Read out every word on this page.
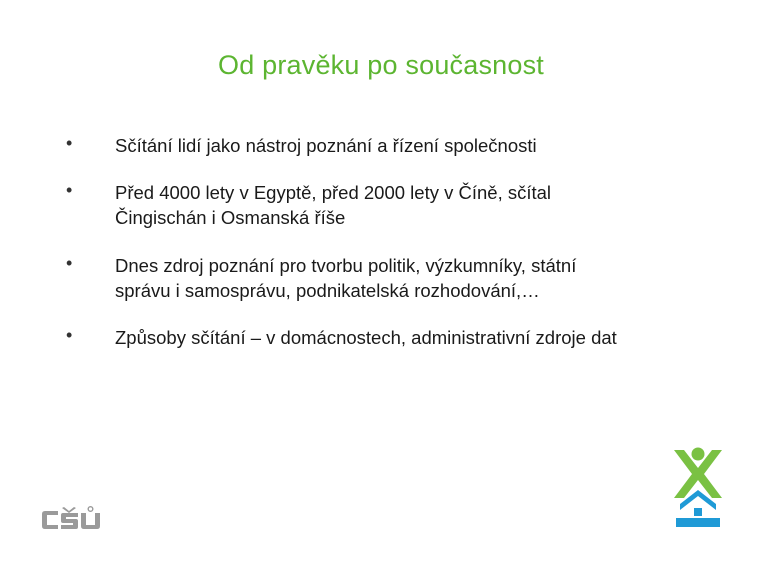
Od pravěku po současnost
• Sčítání lidí jako nástroj poznání a řízení společnosti
• Před 4000 lety v Egyptě, před 2000 lety v Číně, sčítal Čingischán i Osmanská říše
• Dnes zdroj poznání pro tvorbu politik, výzkumníky, státní správu i samosprávu, podnikatelská rozhodování,…
• Způsoby sčítání – v domácnostech, administrativní zdroje dat
